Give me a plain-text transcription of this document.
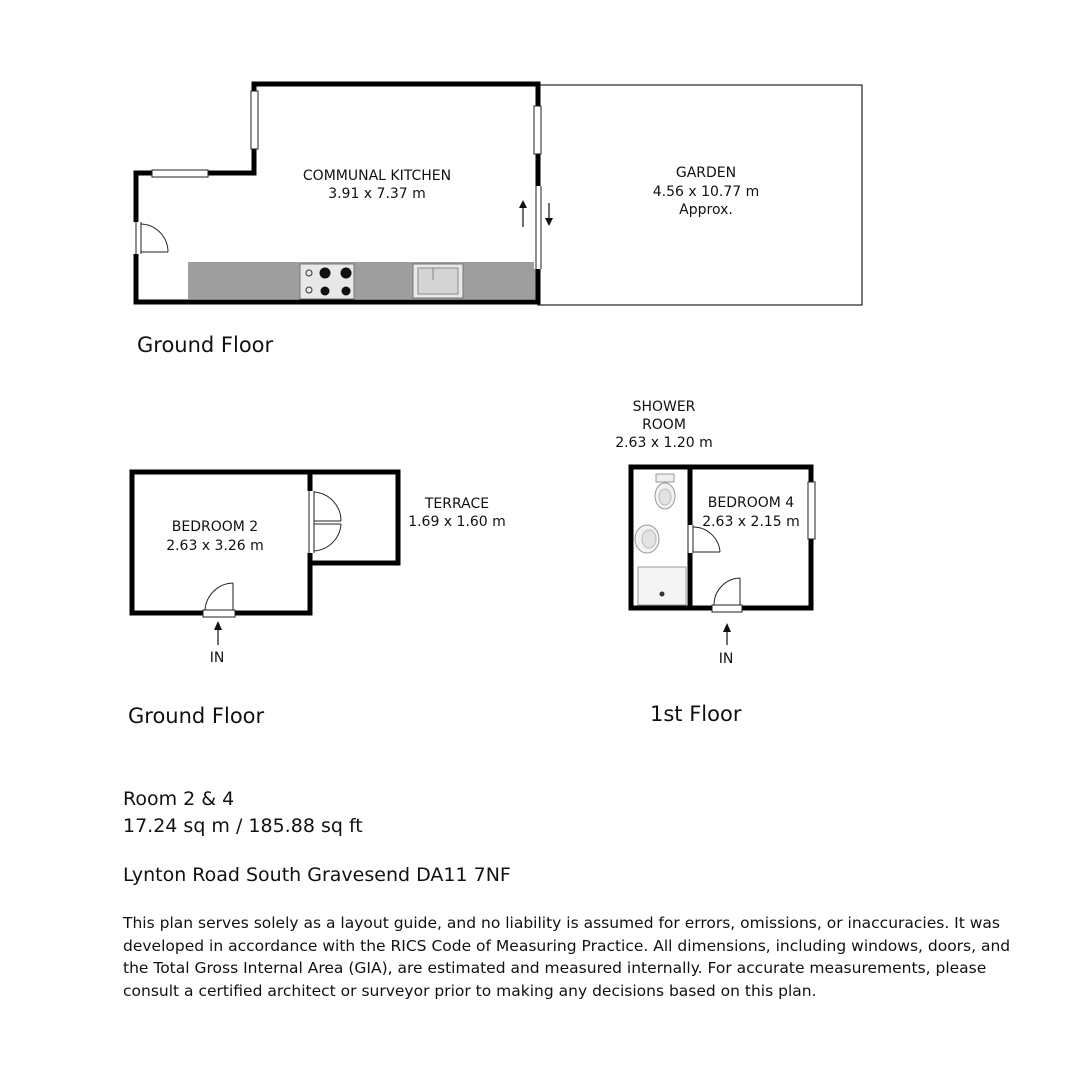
COMMUNAL KITCHEN
3.91 x 7.37 m
GARDEN
4.56 x 10.77 m
Approx.
IN
BEDROOM 2
2.63 x 3.26 m
TERRACE
1.69 x 1.60 m
IN
SHOWER
ROOM
2.63 x 1.20 m
BEDROOM 4
2.63 x 2.15 m
Ground Floor
Ground Floor	1st Floor
Room 2 & 4
17.24 sq m / 185.88 sq ft
Lynton Road South Gravesend DA11 7NF
This plan serves solely as a layout guide, and no liability is assumed for errors, omissions, or inaccuracies. It was developed in accordance with the RICS Code of Measuring Practice. All dimensions, including windows, doors, and the Total Gross Internal Area (GIA), are estimated and measured internally. For accurate measurements, please consult a certified architect or surveyor prior to making any decisions based on this plan.
